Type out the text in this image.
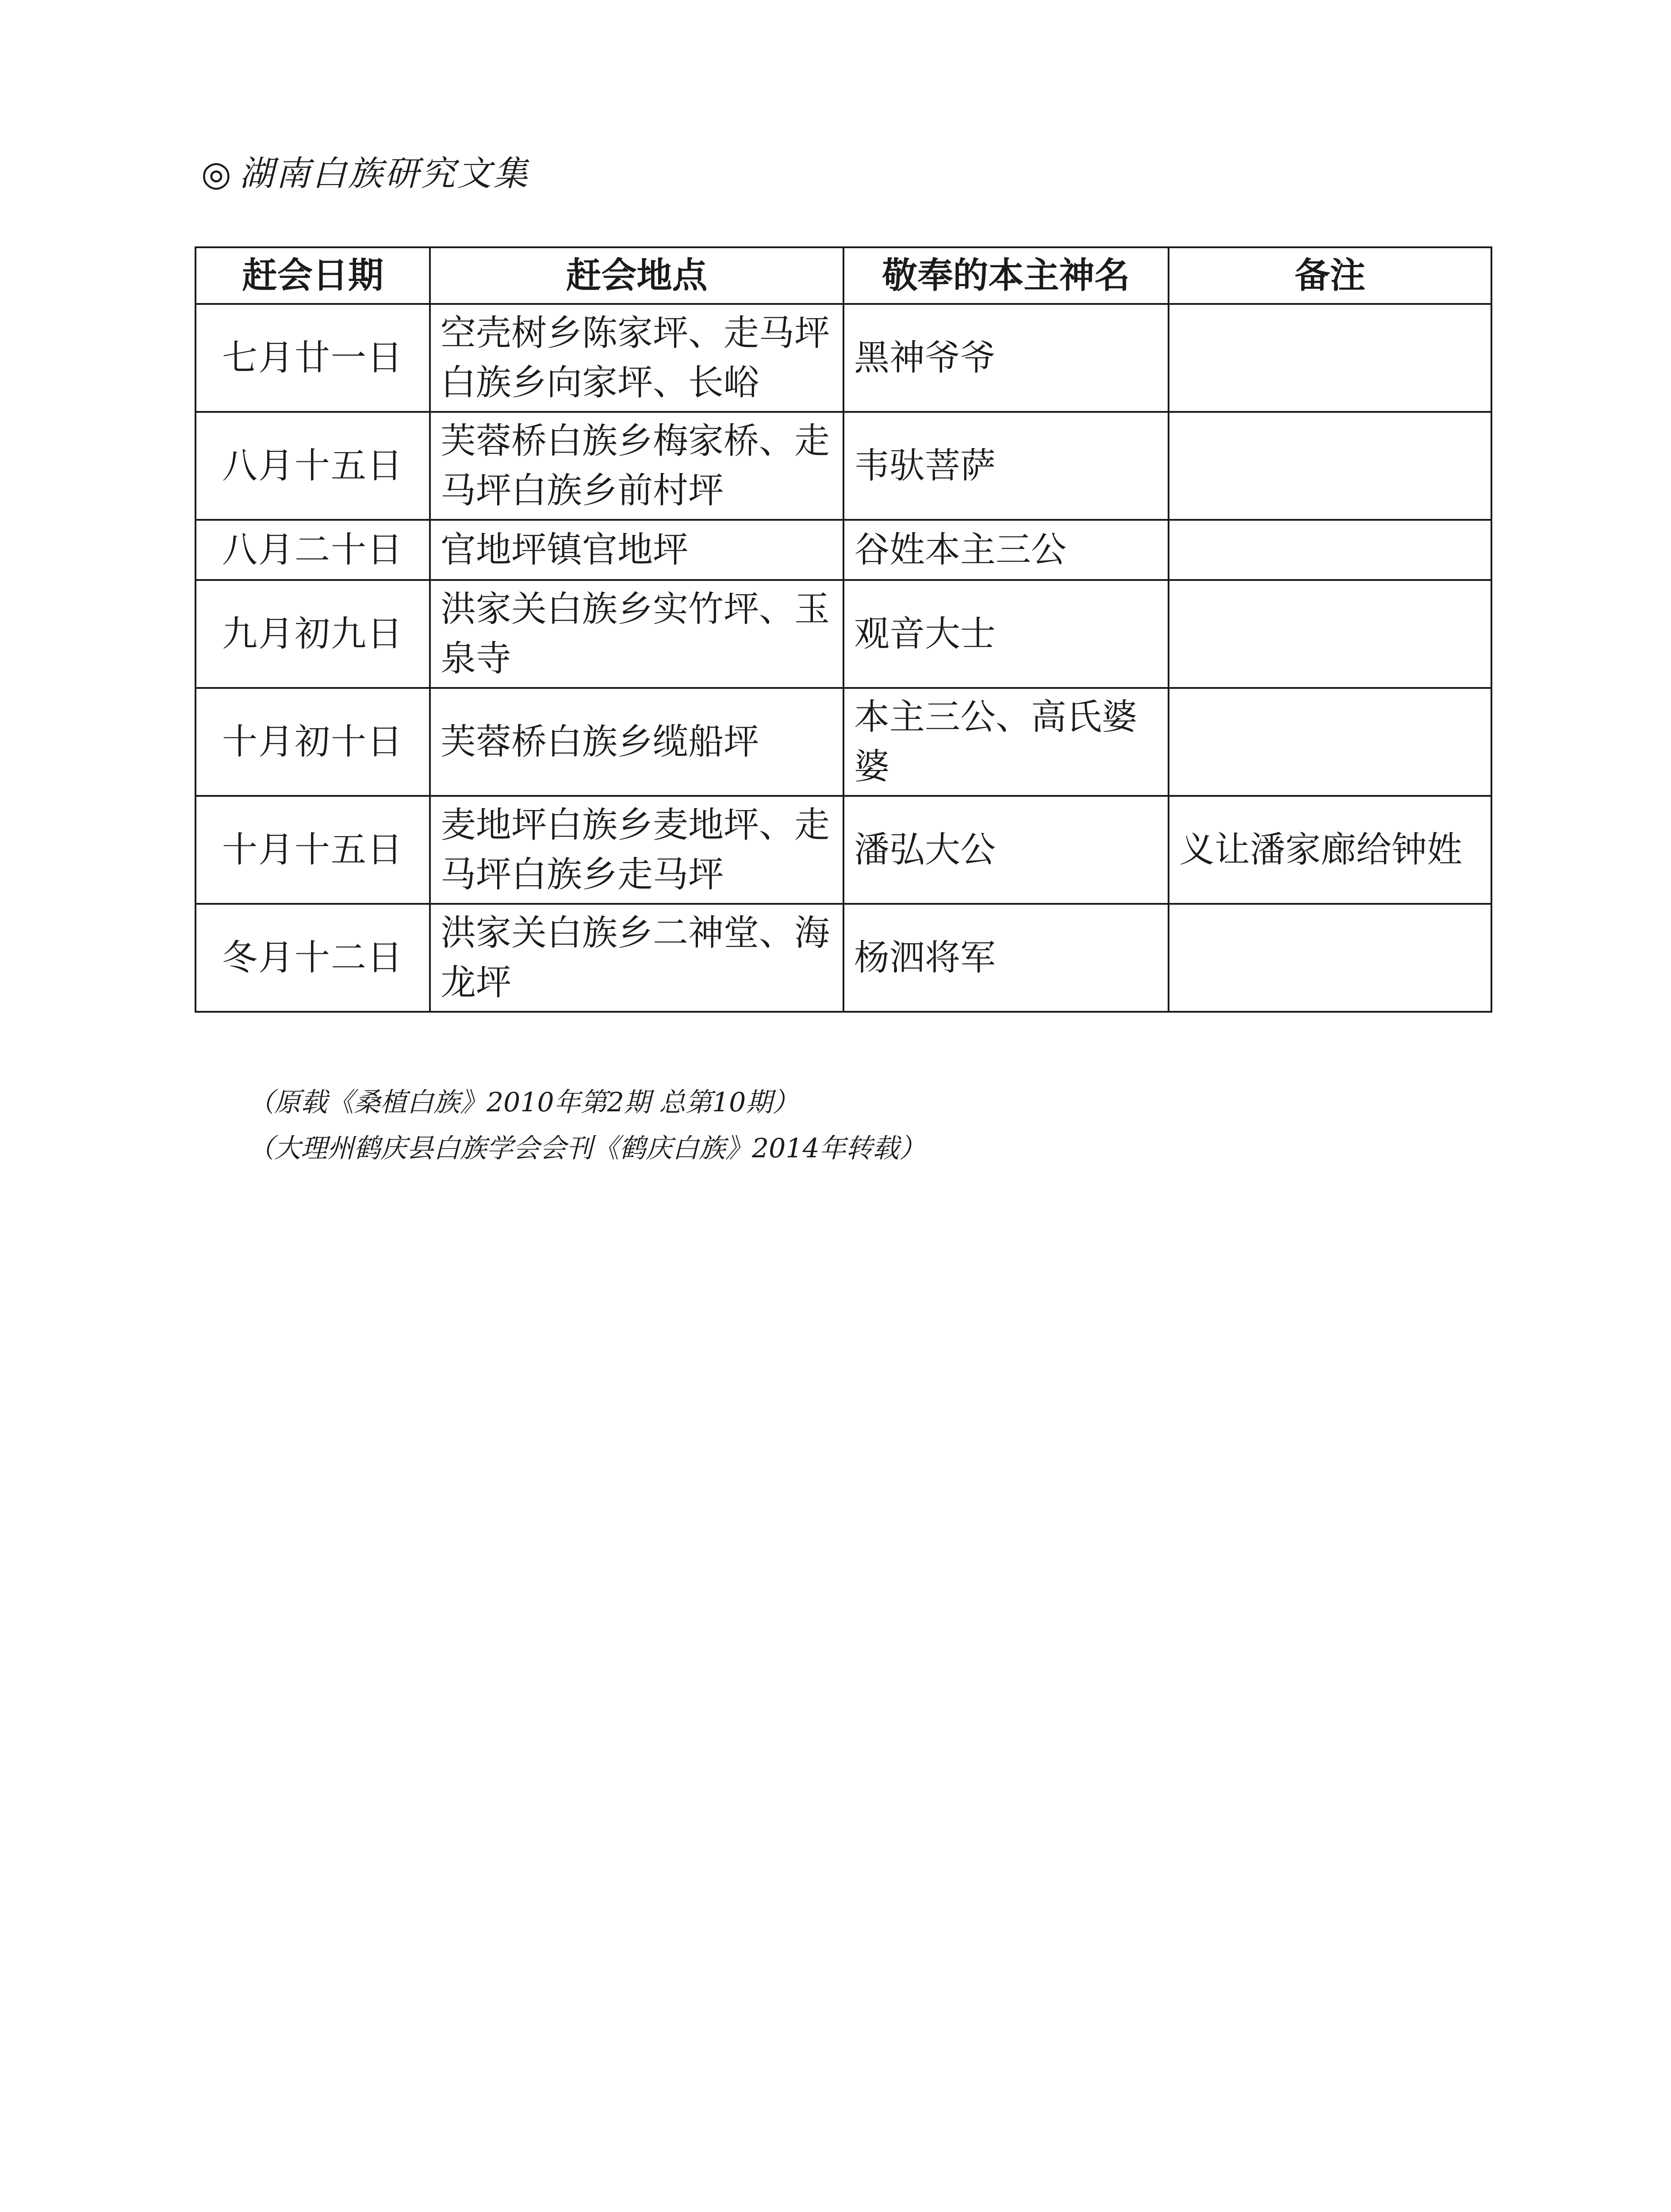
◎ 湖南白族研究文集
赶会日期	赶会地点	敬奉的本主神名	备注
七月廿一日	空壳树乡陈家坪、走马坪白族乡向家坪、长峪	黑神爷爷	
八月十五日	芙蓉桥白族乡梅家桥、走马坪白族乡前村坪	韦驮菩萨	
八月二十日	官地坪镇官地坪	谷姓本主三公	
九月初九日	洪家关白族乡实竹坪、玉泉寺	观音大士	
十月初十日	芙蓉桥白族乡缆船坪	本主三公、高氏婆婆	
十月十五日	麦地坪白族乡麦地坪、走马坪白族乡走马坪	潘弘大公	义让潘家廊给钟姓
冬月十二日	洪家关白族乡二神堂、海龙坪	杨泗将军	
（原载《桑植白族》2010年第2期 总第10期）
（大理州鹤庆县白族学会会刊《鹤庆白族》2014年转载）
